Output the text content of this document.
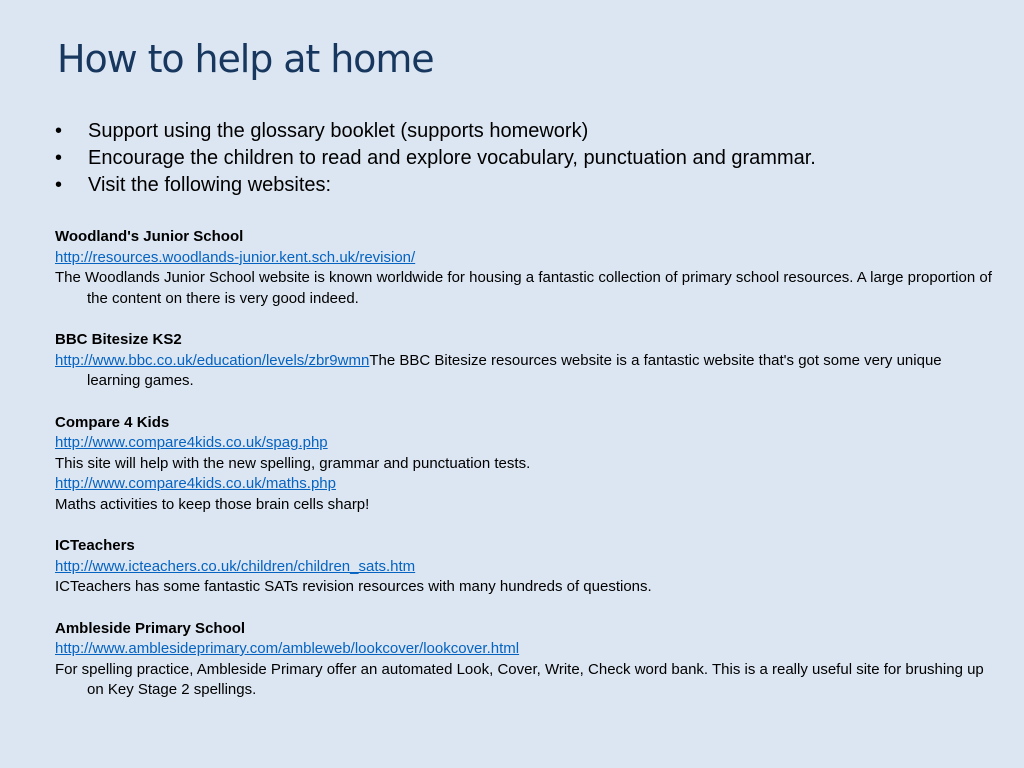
How to help at home
•	Support using the glossary booklet (supports homework)
•	Encourage the children to read and explore vocabulary, punctuation and grammar.
•	Visit the following websites:
Woodland's Junior School
http://resources.woodlands-junior.kent.sch.uk/revision/
The Woodlands Junior School website is known worldwide for housing a fantastic collection of primary school resources. A large proportion of the content on there is very good indeed.
BBC Bitesize KS2
http://www.bbc.co.uk/education/levels/zbr9wmnThe BBC Bitesize resources website is a fantastic website that's got some very unique learning games.
Compare 4 Kids
http://www.compare4kids.co.uk/spag.php
This site will help with the new spelling, grammar and punctuation tests.
http://www.compare4kids.co.uk/maths.php
Maths activities to keep those brain cells sharp!
ICTeachers
http://www.icteachers.co.uk/children/children_sats.htm
ICTeachers has some fantastic SATs revision resources with many hundreds of questions.
Ambleside Primary School
http://www.amblesideprimary.com/ambleweb/lookcover/lookcover.html
For spelling practice, Ambleside Primary offer an automated Look, Cover, Write, Check word bank. This is a really useful site for brushing up on Key Stage 2 spellings.
